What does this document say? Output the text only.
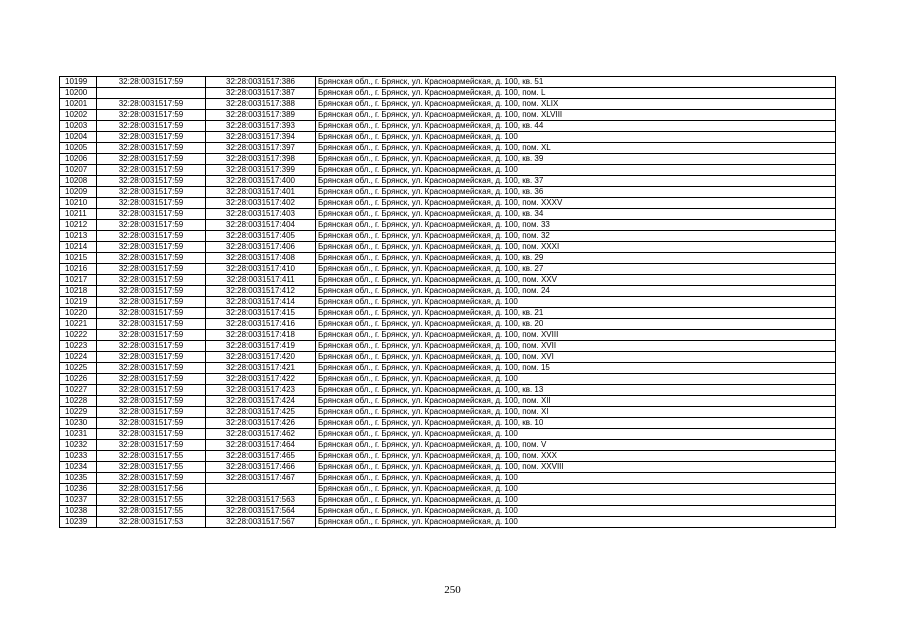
10199	32:28:0031517:59	32:28:0031517:386	Брянская обл., г. Брянск, ул. Красноармейская, д. 100, кв. 51
10200		32:28:0031517:387	Брянская обл., г. Брянск, ул. Красноармейская, д. 100, пом. L
10201	32:28:0031517:59	32:28:0031517:388	Брянская обл., г. Брянск, ул. Красноармейская, д. 100, пом. XLIX
10202	32:28:0031517:59	32:28:0031517:389	Брянская обл., г. Брянск, ул. Красноармейская, д. 100, пом. XLVIII
10203	32:28:0031517:59	32:28:0031517:393	Брянская обл., г. Брянск, ул. Красноармейская, д. 100, кв. 44
10204	32:28:0031517:59	32:28:0031517:394	Брянская обл., г. Брянск, ул. Красноармейская, д. 100
10205	32:28:0031517:59	32:28:0031517:397	Брянская обл., г. Брянск, ул. Красноармейская, д. 100, пом. XL
10206	32:28:0031517:59	32:28:0031517:398	Брянская обл., г. Брянск, ул. Красноармейская, д. 100, кв. 39
10207	32:28:0031517:59	32:28:0031517:399	Брянская обл., г. Брянск, ул. Красноармейская, д. 100
10208	32:28:0031517:59	32:28:0031517:400	Брянская обл., г. Брянск, ул. Красноармейская, д. 100, кв. 37
10209	32:28:0031517:59	32:28:0031517:401	Брянская обл., г. Брянск, ул. Красноармейская, д. 100, кв. 36
10210	32:28:0031517:59	32:28:0031517:402	Брянская обл., г. Брянск, ул. Красноармейская, д. 100, пом. XXXV
10211	32:28:0031517:59	32:28:0031517:403	Брянская обл., г. Брянск, ул. Красноармейская, д. 100, кв. 34
10212	32:28:0031517:59	32:28:0031517:404	Брянская обл., г. Брянск, ул. Красноармейская, д. 100, пом. 33
10213	32:28:0031517:59	32:28:0031517:405	Брянская обл., г. Брянск, ул. Красноармейская, д. 100, пом. 32
10214	32:28:0031517:59	32:28:0031517:406	Брянская обл., г. Брянск, ул. Красноармейская, д. 100, пом. XXXI
10215	32:28:0031517:59	32:28:0031517:408	Брянская обл., г. Брянск, ул. Красноармейская, д. 100, кв. 29
10216	32:28:0031517:59	32:28:0031517:410	Брянская обл., г. Брянск, ул. Красноармейская, д. 100, кв. 27
10217	32:28:0031517:59	32:28:0031517:411	Брянская обл., г. Брянск, ул. Красноармейская, д. 100, пом. XXV
10218	32:28:0031517:59	32:28:0031517:412	Брянская обл., г. Брянск, ул. Красноармейская, д. 100, пом. 24
10219	32:28:0031517:59	32:28:0031517:414	Брянская обл., г. Брянск, ул. Красноармейская, д. 100
10220	32:28:0031517:59	32:28:0031517:415	Брянская обл., г. Брянск, ул. Красноармейская, д. 100, кв. 21
10221	32:28:0031517:59	32:28:0031517:416	Брянская обл., г. Брянск, ул. Красноармейская, д. 100, кв. 20
10222	32:28:0031517:59	32:28:0031517:418	Брянская обл., г. Брянск, ул. Красноармейская, д. 100, пом. XVIII
10223	32:28:0031517:59	32:28:0031517:419	Брянская обл., г. Брянск, ул. Красноармейская, д. 100, пом. XVII
10224	32:28:0031517:59	32:28:0031517:420	Брянская обл., г. Брянск, ул. Красноармейская, д. 100, пом. XVI
10225	32:28:0031517:59	32:28:0031517:421	Брянская обл., г. Брянск, ул. Красноармейская, д. 100, пом. 15
10226	32:28:0031517:59	32:28:0031517:422	Брянская обл., г. Брянск, ул. Красноармейская, д. 100
10227	32:28:0031517:59	32:28:0031517:423	Брянская обл., г. Брянск, ул. Красноармейская, д. 100, кв. 13
10228	32:28:0031517:59	32:28:0031517:424	Брянская обл., г. Брянск, ул. Красноармейская, д. 100, пом. XII
10229	32:28:0031517:59	32:28:0031517:425	Брянская обл., г. Брянск, ул. Красноармейская, д. 100, пом. XI
10230	32:28:0031517:59	32:28:0031517:426	Брянская обл., г. Брянск, ул. Красноармейская, д. 100, кв. 10
10231	32:28:0031517:59	32:28:0031517:462	Брянская обл., г. Брянск, ул. Красноармейская, д. 100
10232	32:28:0031517:59	32:28:0031517:464	Брянская обл., г. Брянск, ул. Красноармейская, д. 100, пом. V
10233	32:28:0031517:55	32:28:0031517:465	Брянская обл., г. Брянск, ул. Красноармейская, д. 100, пом. XXX
10234	32:28:0031517:55	32:28:0031517:466	Брянская обл., г. Брянск, ул. Красноармейская, д. 100, пом. XXVIII
10235	32:28:0031517:59	32:28:0031517:467	Брянская обл., г. Брянск, ул. Красноармейская, д. 100
10236	32:28:0031517:56		Брянская обл., г. Брянск, ул. Красноармейская, д. 100
10237	32:28:0031517:55	32:28:0031517:563	Брянская обл., г. Брянск, ул. Красноармейская, д. 100
10238	32:28:0031517:55	32:28:0031517:564	Брянская обл., г. Брянск, ул. Красноармейская, д. 100
10239	32:28:0031517:53	32:28:0031517:567	Брянская обл., г. Брянск, ул. Красноармейская, д. 100
250
